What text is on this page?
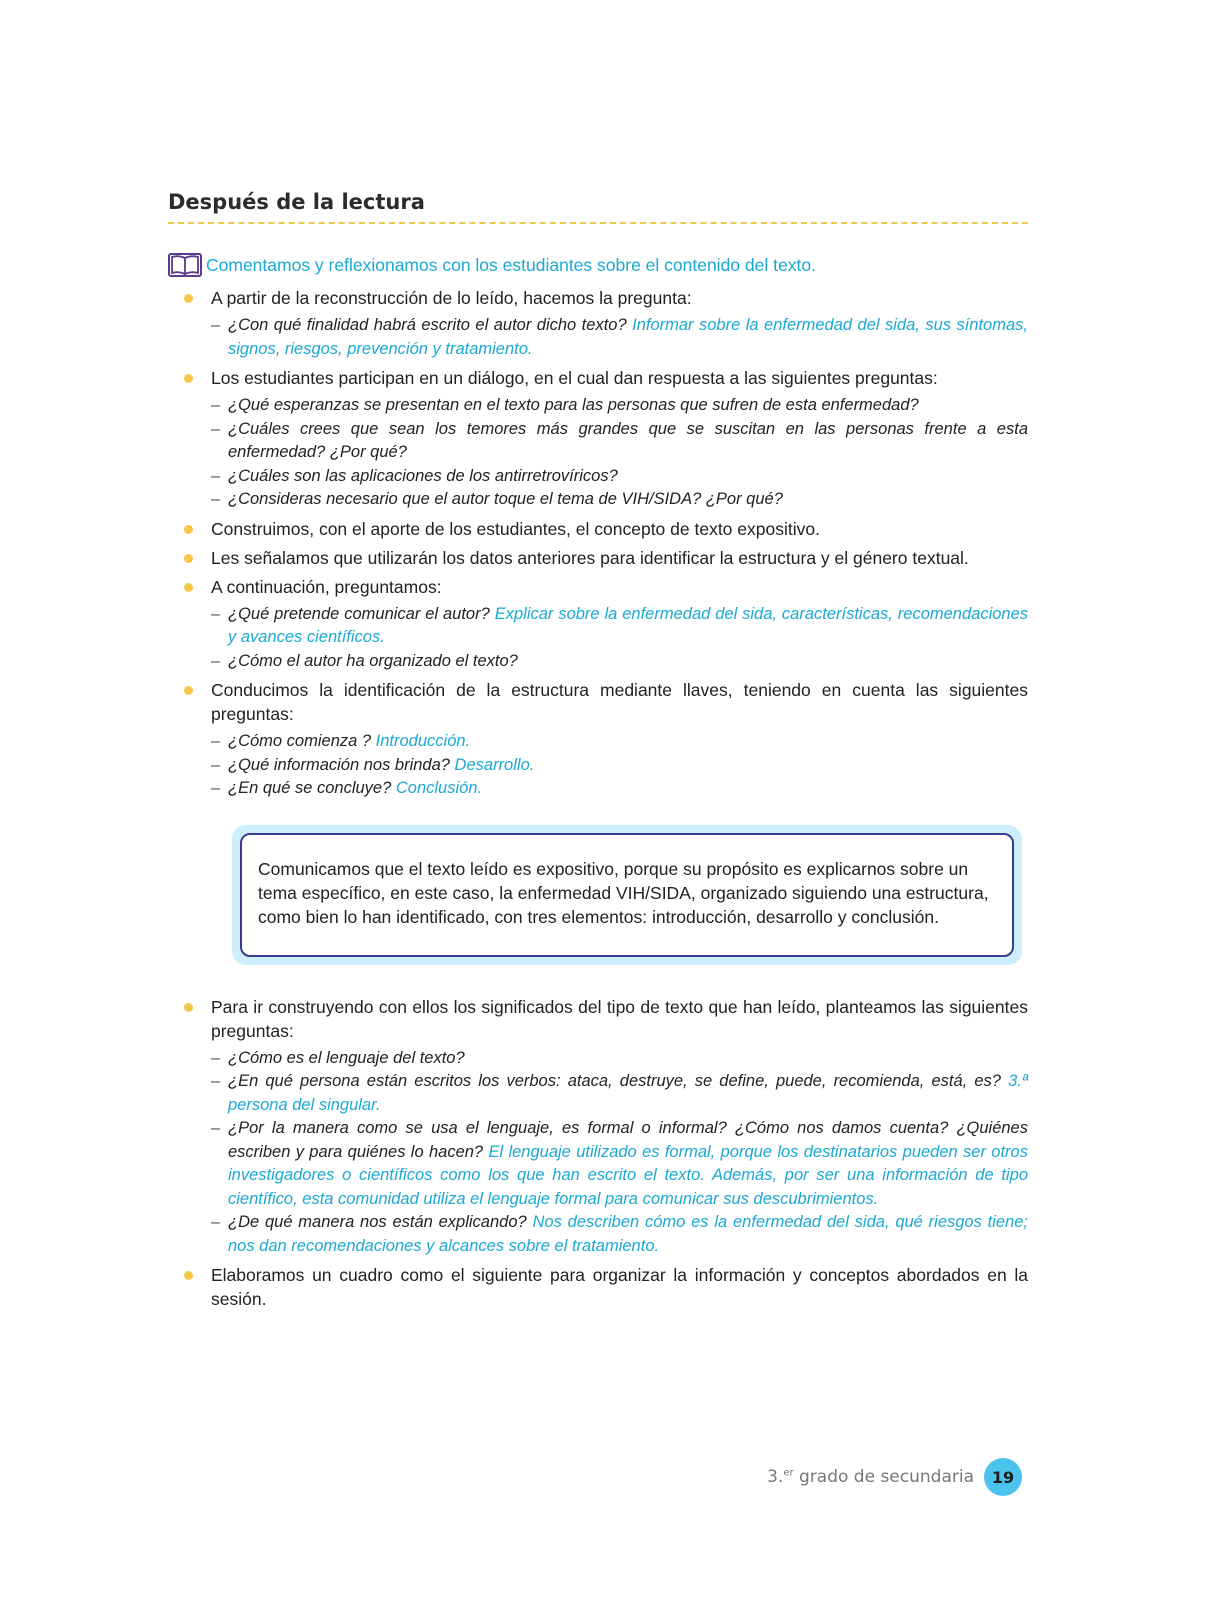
Después de la lectura
Comentamos y reflexionamos con los estudiantes sobre el contenido del texto.
A partir de la reconstrucción de lo leído, hacemos la pregunta:
– ¿Con qué finalidad habrá escrito el autor dicho texto? Informar sobre la enfermedad del sida, sus síntomas, signos, riesgos, prevención y tratamiento.
Los estudiantes participan en un diálogo, en el cual dan respuesta a las siguientes preguntas:
– ¿Qué esperanzas se presentan en el texto para las personas que sufren de esta enfermedad?
– ¿Cuáles crees que sean los temores más grandes que se suscitan en las personas frente a esta enfermedad? ¿Por qué?
– ¿Cuáles son las aplicaciones de los antirretrovíricos?
– ¿Consideras necesario que el autor toque el tema de VIH/SIDA? ¿Por qué?
Construimos, con el aporte de los estudiantes, el concepto de texto expositivo.
Les señalamos que utilizarán los datos anteriores para identificar la estructura y el género textual.
A continuación, preguntamos:
– ¿Qué pretende comunicar el autor? Explicar sobre la enfermedad del sida, características, recomendaciones y avances científicos.
– ¿Cómo el autor ha organizado el texto?
Conducimos la identificación de la estructura mediante llaves, teniendo en cuenta las siguientes preguntas:
– ¿Cómo comienza ? Introducción.
– ¿Qué información nos brinda? Desarrollo.
– ¿En qué se concluye? Conclusión.
Comunicamos que el texto leído es expositivo, porque su propósito es explicarnos sobre un tema específico, en este caso, la enfermedad VIH/SIDA, organizado siguiendo una estructura, como bien lo han identificado, con tres elementos: introducción, desarrollo y conclusión.
Para ir construyendo con ellos los significados del tipo de texto que han leído, planteamos las siguientes preguntas:
– ¿Cómo es el lenguaje del texto?
– ¿En qué persona están escritos los verbos: ataca, destruye, se define, puede, recomienda, está, es? 3.ª persona del singular.
– ¿Por la manera como se usa el lenguaje, es formal o informal? ¿Cómo nos damos cuenta? ¿Quiénes escriben y para quiénes lo hacen? El lenguaje utilizado es formal, porque los destinatarios pueden ser otros investigadores o científicos como los que han escrito el texto. Además, por ser una información de tipo científico, esta comunidad utiliza el lenguaje formal para comunicar sus descubrimientos.
– ¿De qué manera nos están explicando? Nos describen cómo es la enfermedad del sida, qué riesgos tiene; nos dan recomendaciones y alcances sobre el tratamiento.
Elaboramos un cuadro como el siguiente para organizar la información y conceptos abordados en la sesión.
3.$^{er}$ grado de secundaria	19
